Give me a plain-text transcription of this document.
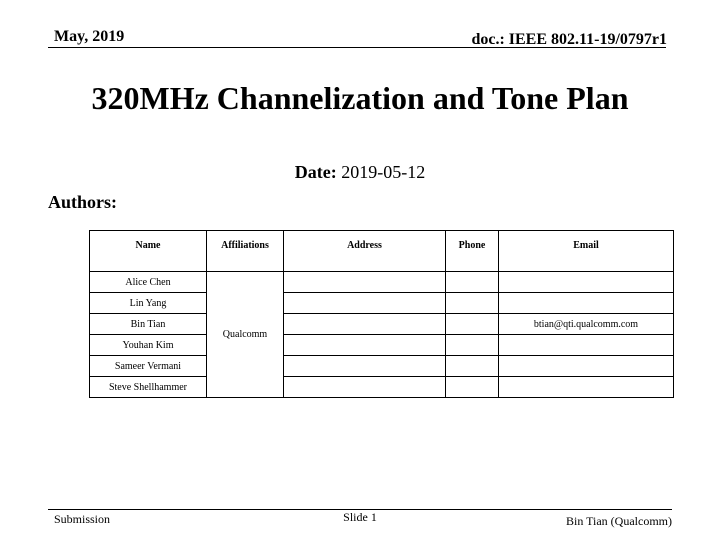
May, 2019	doc.: IEEE 802.11-19/0797r1
320MHz Channelization and Tone Plan
Date: 2019-05-12
Authors:
Name	Affiliations	Address	Phone	Email
Alice Chen	Qualcomm			
Lin Yang				
Bin Tian				btian@qti.qualcomm.com
Youhan Kim				
Sameer Vermani				
Steve Shellhammer				
Submission	Slide 1	Bin Tian (Qualcomm)
